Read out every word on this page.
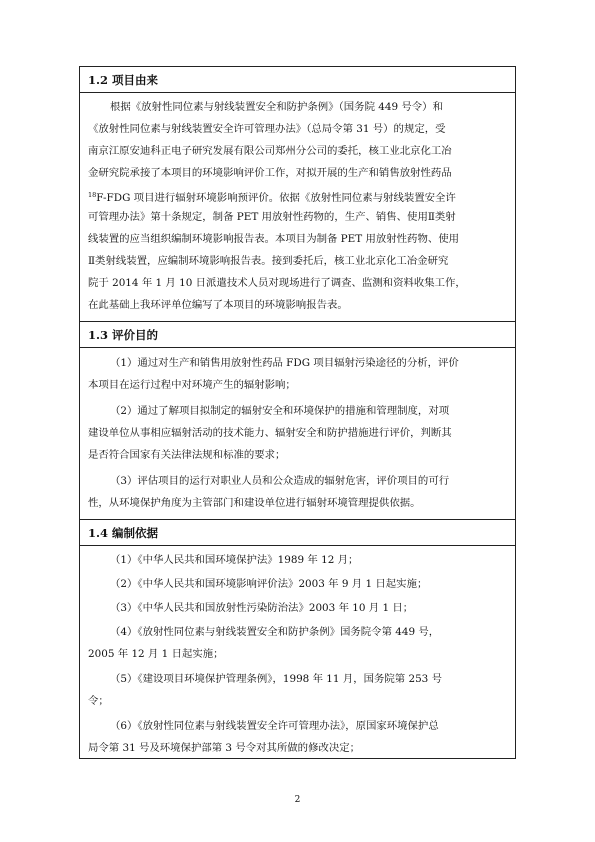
1.2 项目由来
根据《放射性同位素与射线装置安全和防护条例》（国务院 449 号令）和
《放射性同位素与射线装置安全许可管理办法》（总局令第 31 号）的规定，受
南京江原安迪科正电子研究发展有限公司郑州分公司的委托，核工业北京化工冶
金研究院承接了本项目的环境影响评价工作，对拟开展的生产和销售放射性药品
$^{18}$F-FDG 项目进行辐射环境影响预评价。依据《放射性同位素与射线装置安全许
可管理办法》第十条规定，制备 PET 用放射性药物的，生产、销售、使用Ⅱ类射
线装置的应当组织编制环境影响报告表。本项目为制备 PET 用放射性药物、使用
Ⅱ类射线装置，应编制环境影响报告表。接到委托后，核工业北京化工冶金研究
院于 2014 年 1 月 10 日派遣技术人员对现场进行了调查、监测和资料收集工作，
在此基础上我环评单位编写了本项目的环境影响报告表。
1.3 评价目的
（1）通过对生产和销售用放射性药品 FDG 项目辐射污染途径的分析，评价
本项目在运行过程中对环境产生的辐射影响；
（2）通过了解项目拟制定的辐射安全和环境保护的措施和管理制度，对项
建设单位从事相应辐射活动的技术能力、辐射安全和防护措施进行评价，判断其
是否符合国家有关法律法规和标准的要求；
（3）评估项目的运行对职业人员和公众造成的辐射危害，评价项目的可行
性，从环境保护角度为主管部门和建设单位进行辐射环境管理提供依据。
1.4 编制依据
（1）《中华人民共和国环境保护法》1989 年 12 月；
（2）《中华人民共和国环境影响评价法》2003 年 9 月 1 日起实施；
（3）《中华人民共和国放射性污染防治法》2003 年 10 月 1 日；
（4）《放射性同位素与射线装置安全和防护条例》国务院令第 449 号，
2005 年 12 月 1 日起实施；
（5）《建设项目环境保护管理条例》，1998 年 11 月，国务院第 253 号
令；
（6）《放射性同位素与射线装置安全许可管理办法》，原国家环境保护总
局令第 31 号及环境保护部第 3 号令对其所做的修改决定；
2
